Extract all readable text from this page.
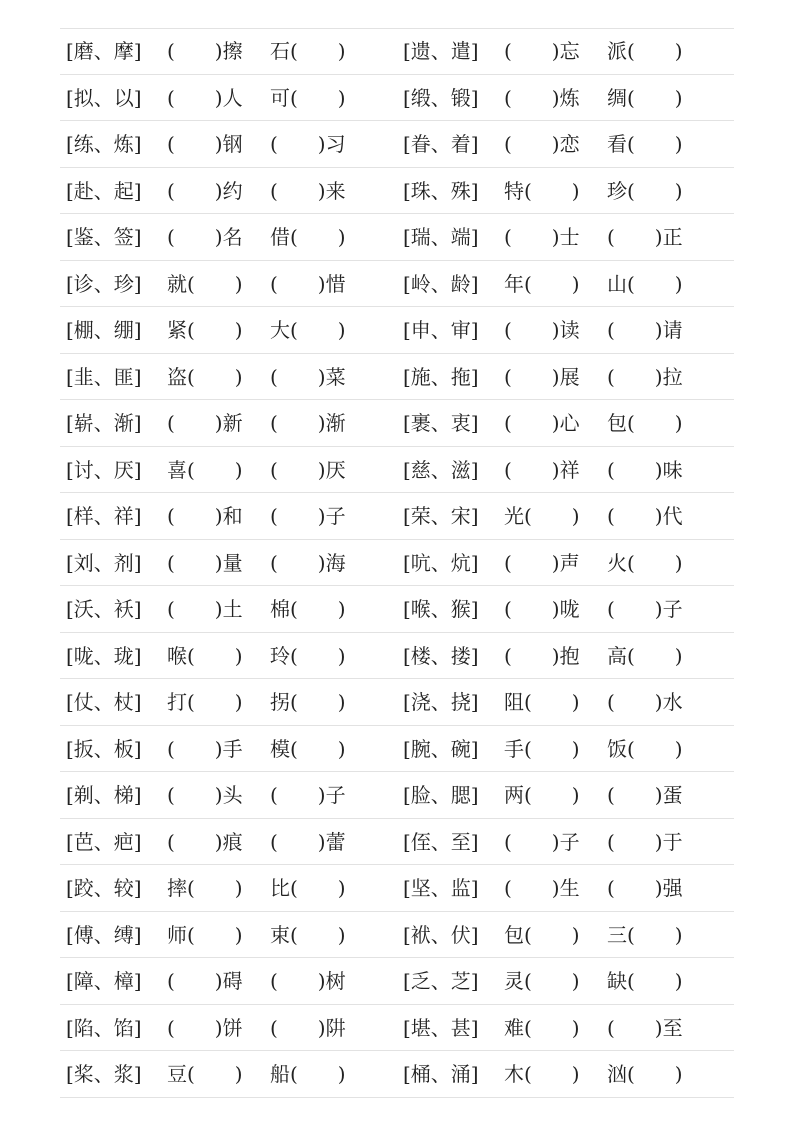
[磨、摩] (　　)擦 石(　　)	[遗、遣] (　　)忘 派(　　)
[拟、以] (　　)人 可(　　)	[缎、锻] (　　)炼 绸(　　)
[练、炼] (　　)钢 (　　)习	[眷、着] (　　)恋 看(　　)
[赴、起] (　　)约 (　　)来	[珠、殊] 特(　　) 珍(　　)
[鉴、签] (　　)名 借(　　)	[瑞、端] (　　)士 (　　)正
[诊、珍] 就(　　) (　　)惜	[岭、龄] 年(　　) 山(　　)
[棚、绷] 紧(　　) 大(　　)	[申、审] (　　)读 (　　)请
[韭、匪] 盗(　　) (　　)菜	[施、拖] (　　)展 (　　)拉
[崭、渐] (　　)新 (　　)渐	[裹、衷] (　　)心 包(　　)
[讨、厌] 喜(　　) (　　)厌	[慈、滋] (　　)祥 (　　)味
[样、祥] (　　)和 (　　)子	[荣、宋] 光(　　) (　　)代
[刘、剂] (　　)量 (　　)海	[吭、炕] (　　)声 火(　　)
[沃、袄] (　　)土 棉(　　)	[喉、猴] (　　)咙 (　　)子
[咙、珑] 喉(　　) 玲(　　)	[楼、搂] (　　)抱 高(　　)
[仗、杖] 打(　　) 拐(　　)	[浇、挠] 阻(　　) (　　)水
[扳、板] (　　)手 模(　　)	[腕、碗] 手(　　) 饭(　　)
[剃、梯] (　　)头 (　　)子	[脸、腮] 两(　　) (　　)蛋
[芭、疤] (　　)痕 (　　)蕾	[侄、至] (　　)子 (　　)于
[跤、较] 摔(　　) 比(　　)	[坚、监] (　　)生 (　　)强
[傅、缚] 师(　　) 束(　　)	[袱、伏] 包(　　) 三(　　)
[障、樟] (　　)碍 (　　)树	[乏、芝] 灵(　　) 缺(　　)
[陷、馅] (　　)饼 (　　)阱	[堪、甚] 难(　　) (　　)至
[桨、浆] 豆(　　) 船(　　)	[桶、涌] 木(　　) 汹(　　)
